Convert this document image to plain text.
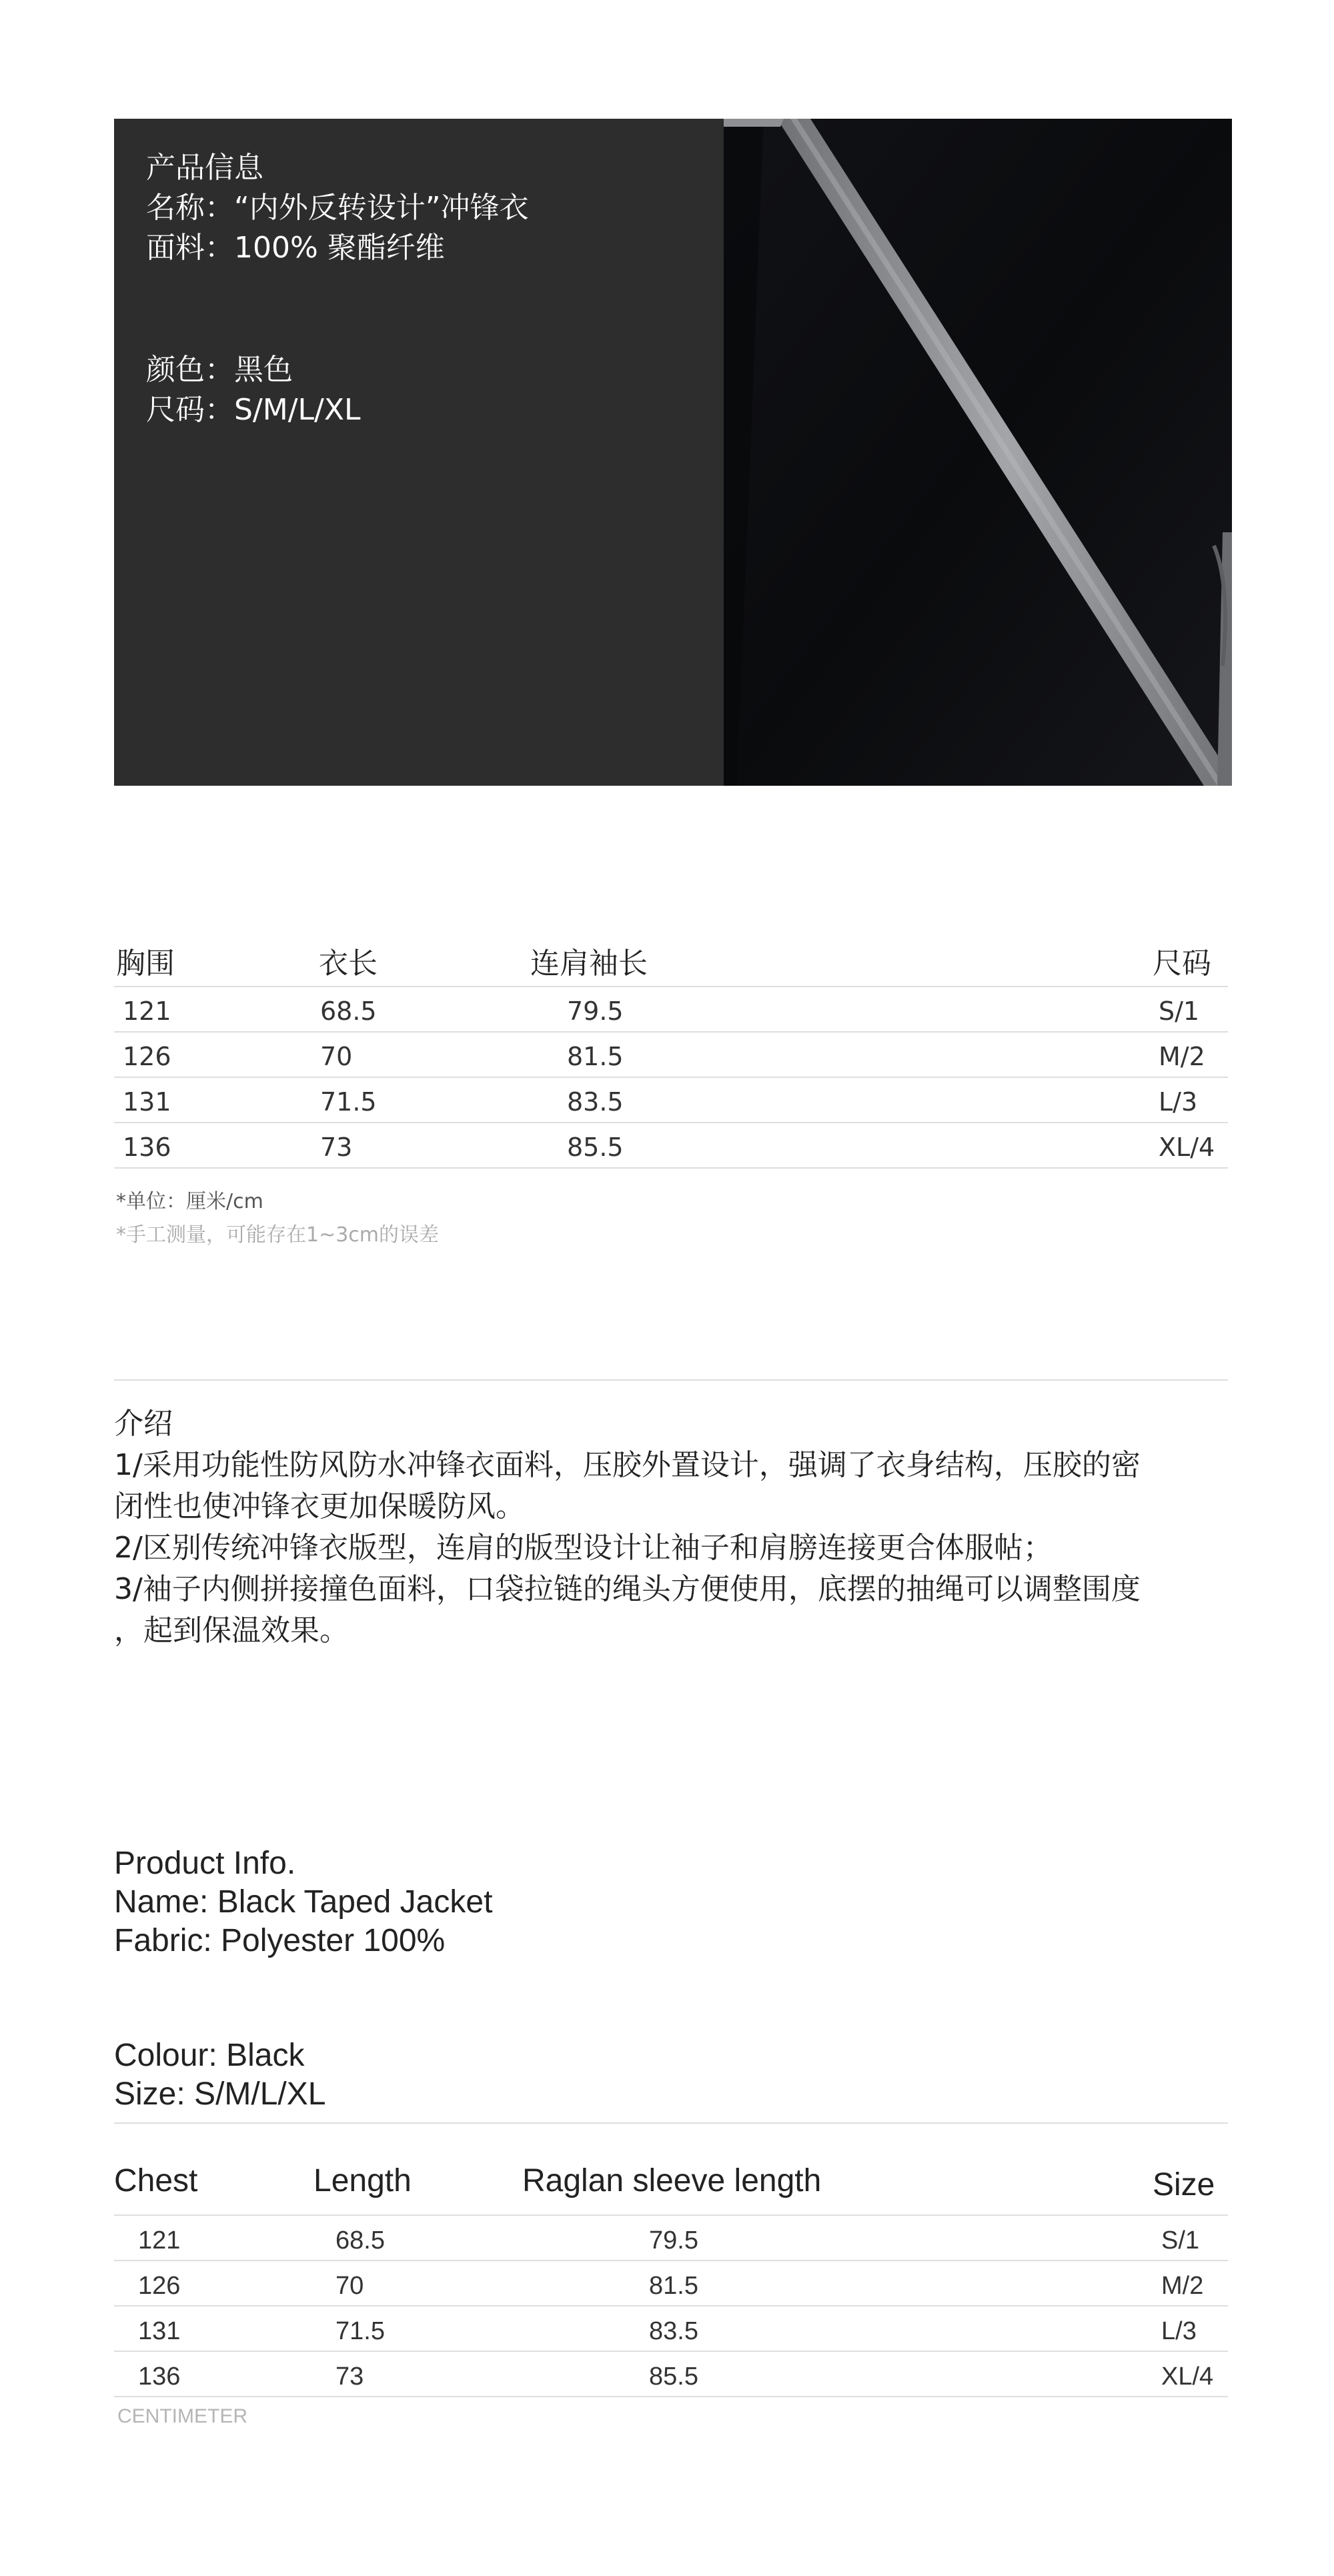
产品信息
名称：“内外反转设计”冲锋衣
面料：100% 聚酯纤维
颜色：黑色
尺码：S/M/L/XL
胸围	衣长	连肩袖长	尺码
121	68.5	79.5	S/1
126	70	81.5	M/2
131	71.5	83.5	L/3
136	73	85.5	XL/4
*单位：厘米/cm
*手工测量，可能存在1~3cm的误差
介绍
1/采用功能性防风防水冲锋衣面料，压胶外置设计，强调了衣身结构，压胶的密
闭性也使冲锋衣更加保暖防风。
2/区别传统冲锋衣版型，连肩的版型设计让袖子和肩膀连接更合体服帖；
3/袖子内侧拼接撞色面料，口袋拉链的绳头方便使用，底摆的抽绳可以调整围度
，起到保温效果。
Product Info.
Name: Black Taped Jacket
Fabric: Polyester 100%
Colour: Black
Size: S/M/L/XL
Chest	Length	Raglan sleeve length	Size
121	68.5	79.5	S/1
126	70	81.5	M/2
131	71.5	83.5	L/3
136	73	85.5	XL/4
CENTIMETER
